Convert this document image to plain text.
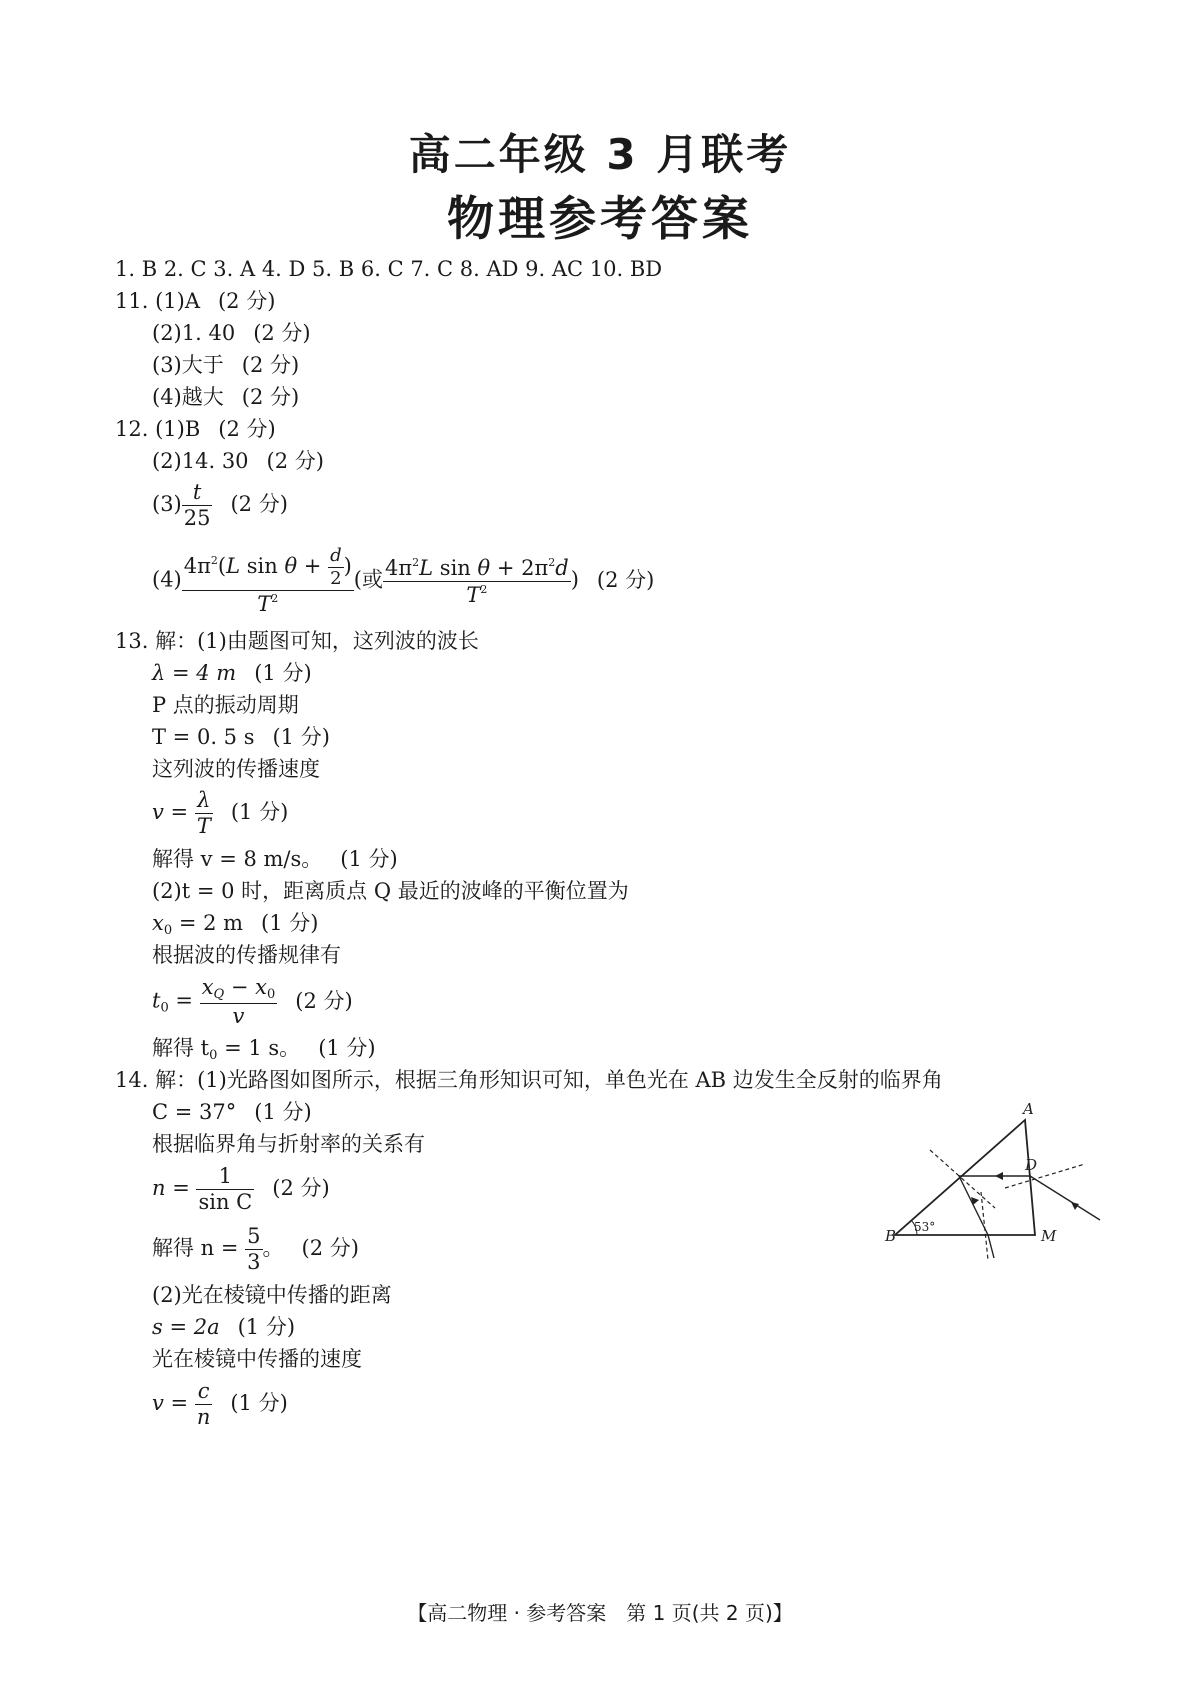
高二年级 3 月联考
物理参考答案
1. B 2. C 3. A 4. D 5. B 6. C 7. C 8. AD 9. AC 10. BD
11. (1)A (2 分)
(2)1. 40 (2 分)
(3)大于 (2 分)
(4)越大 (2 分)
12. (1)B (2 分)
(2)14. 30 (2 分)
$(3) \frac{t}{25} (2$ 分)
$(4) \frac{4\pi^2(L \sin \theta + \frac{d}{2} )}{T^2}$ (或 $\frac{4\pi^2L \sin \theta + 2\pi^2d}{T^2}$ ) (2 分)
13. 解：(1)由题图可知，这列波的波长
λ = 4 m (1 分)
P 点的振动周期
T = 0. 5 s (1 分)
这列波的传播速度
$v = \frac{\lambda}{T} (1$ 分)
解得 v = 8 m/s。 (1 分)
(2)t = 0 时，距离质点 Q 最近的波峰的平衡位置为
$x_0 = 2$ m (1 分)
根据波的传播规律有
$t_0 = \frac{x_Q - x_0}{v} (2$ 分)
解得 $t_0 = 1$ s。 (1 分)
14. 解：(1)光路图如图所示，根据三角形知识可知，单色光在 AB 边发生全反射的临界角
C = 37° (1 分)
根据临界角与折射率的关系有
$n = \frac{1}{\text{sin C}} (2$ 分)
解得 $n = \frac{5}{3}$ 。 (2 分)
(2)光在棱镜中传播的距离
s = 2a (1 分)
光在棱镜中传播的速度
$v = \frac{c}{n} (1$ 分)
A
B
D
M
53°
【高二物理 · 参考答案　第 1 页(共 2 页)】
